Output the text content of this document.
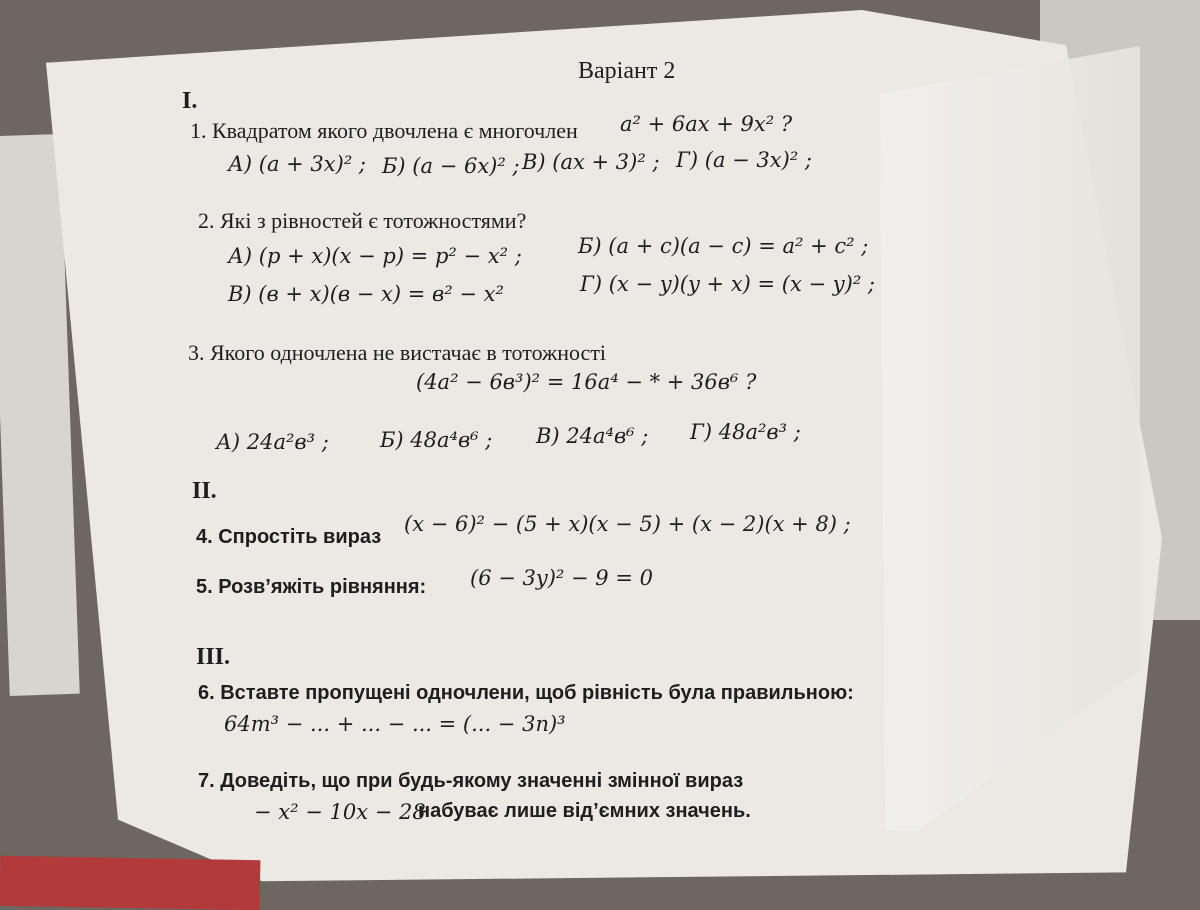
Варіант 2
I.
1. Квадратом якого двочлена є многочлен a² + 6ax + 9x² ?
А) (a + 3x)² ; Б) (a − 6x)² ; В) (ax + 3)² ; Г) (a − 3x)² ;
2. Які з рівностей є тотожностями?
А) (p + x)(x − p) = p² − x² ;	Б) (a + c)(a − c) = a² + c² ;
В) (в + x)(в − x) = в² − x²	Г) (x − y)(y + x) = (x − y)² ;
3. Якого одночлена не вистачає в тотожності
(4a² − 6в³)² = 16a⁴ − * + 36в⁶ ?
А) 24a²в³ ; Б) 48a⁴в⁶ ; В) 24a⁴в⁶ ; Г) 48a²в³ ;
II.
4. Спростіть вираз
(x − 6)² − (5 + x)(x − 5) + (x − 2)(x + 8) ;
5. Розв’яжіть рівняння: (6 − 3y)² − 9 = 0
III.
6. Вставте пропущені одночлени, щоб рівність була правильною:
64m³ − ... + ... − ... = (... − 3n)³
7. Доведіть, що при будь-якому значенні змінної вираз
− x² − 10x − 28
набуває лише від’ємних значень.
